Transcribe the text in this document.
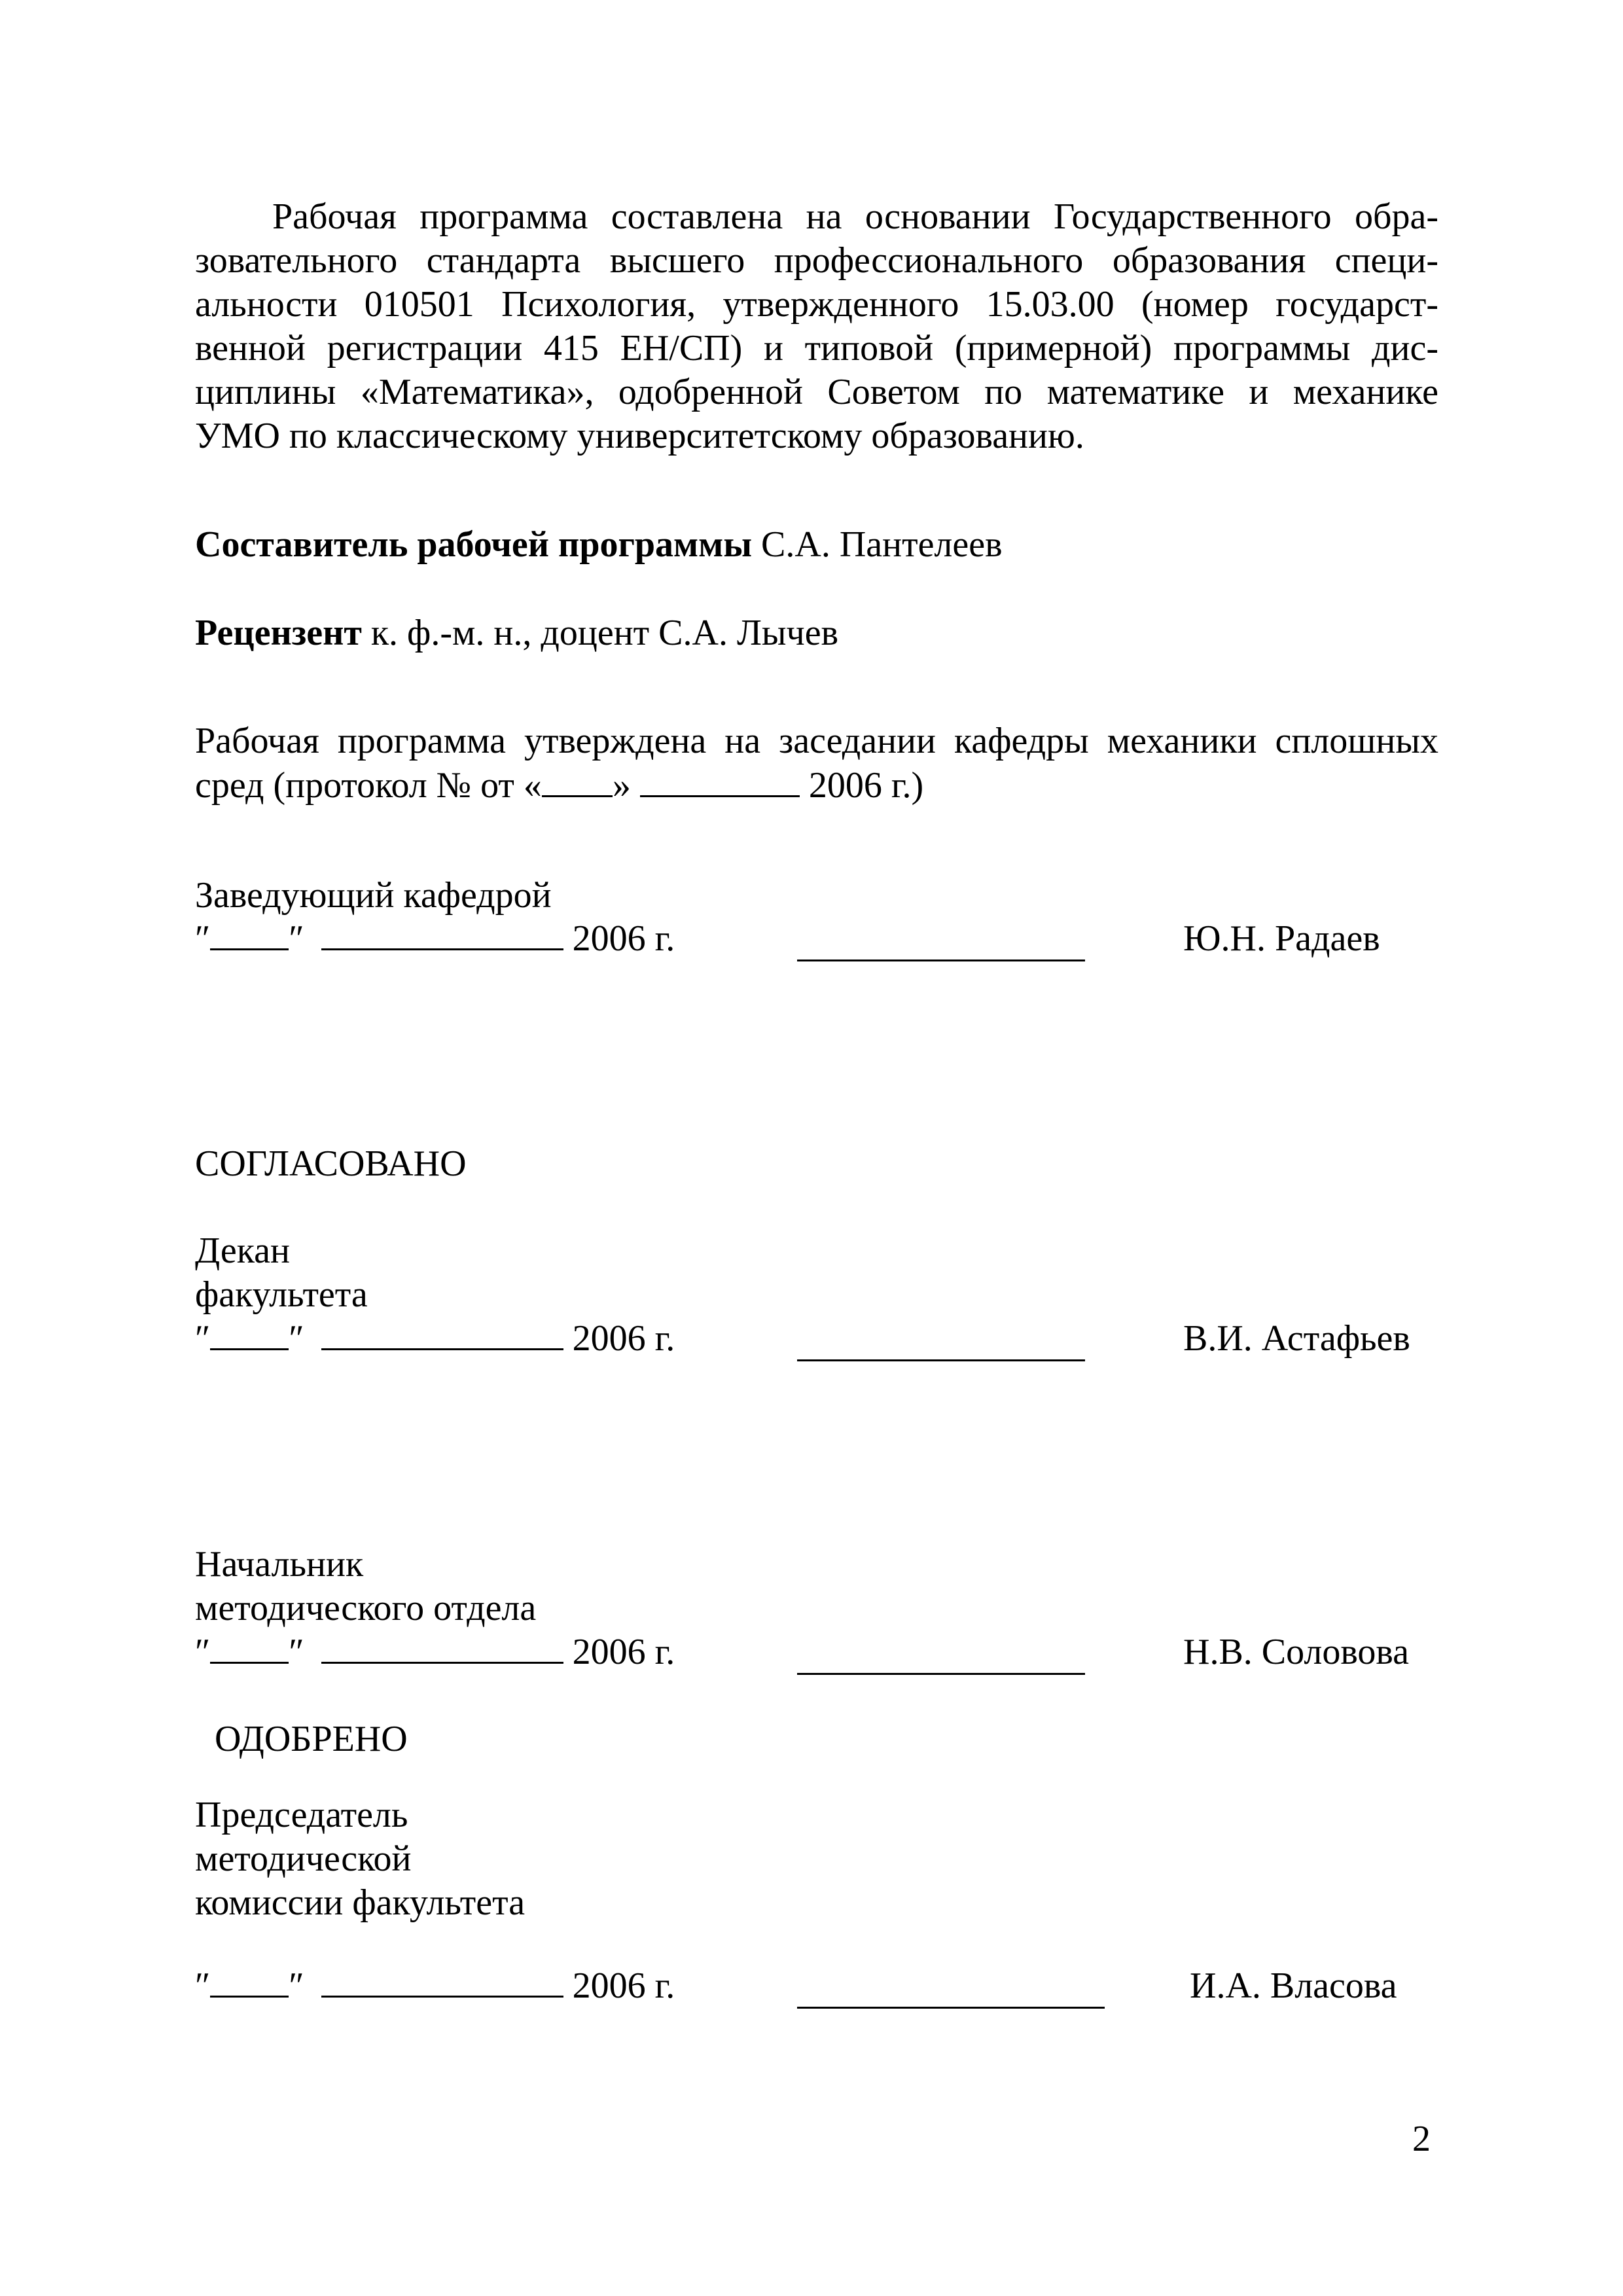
Рабочая программа составлена на основании Государственного обра-
зовательного стандарта высшего профессионального образования специ-
альности 010501 Психология, утвержденного 15.03.00 (номер государст-
венной регистрации 415 ЕН/СП) и типовой (примерной) программы дис-
циплины «Математика», одобренной Советом по математике и механике
УМО по классическому университетскому образованию.
Составитель рабочей программы С.А. Пантелеев
Рецензент к. ф.-м. н., доцент С.А. Лычев
Рабочая программа утверждена на заседании кафедры механики сплошных
сред (протокол № от « »	2006 г.)
Заведующий кафедрой
″ ″	2006 г.	Ю.Н. Радаев
СОГЛАСОВАНО
Декан
факультета
″ ″	2006 г.	В.И. Астафьев
Начальник
методического отдела
″ ″	2006 г.	Н.В. Соловова
ОДОБРЕНО
Председатель
методической
комиссии факультета
″ ″	2006 г.	И.А. Власова
2
